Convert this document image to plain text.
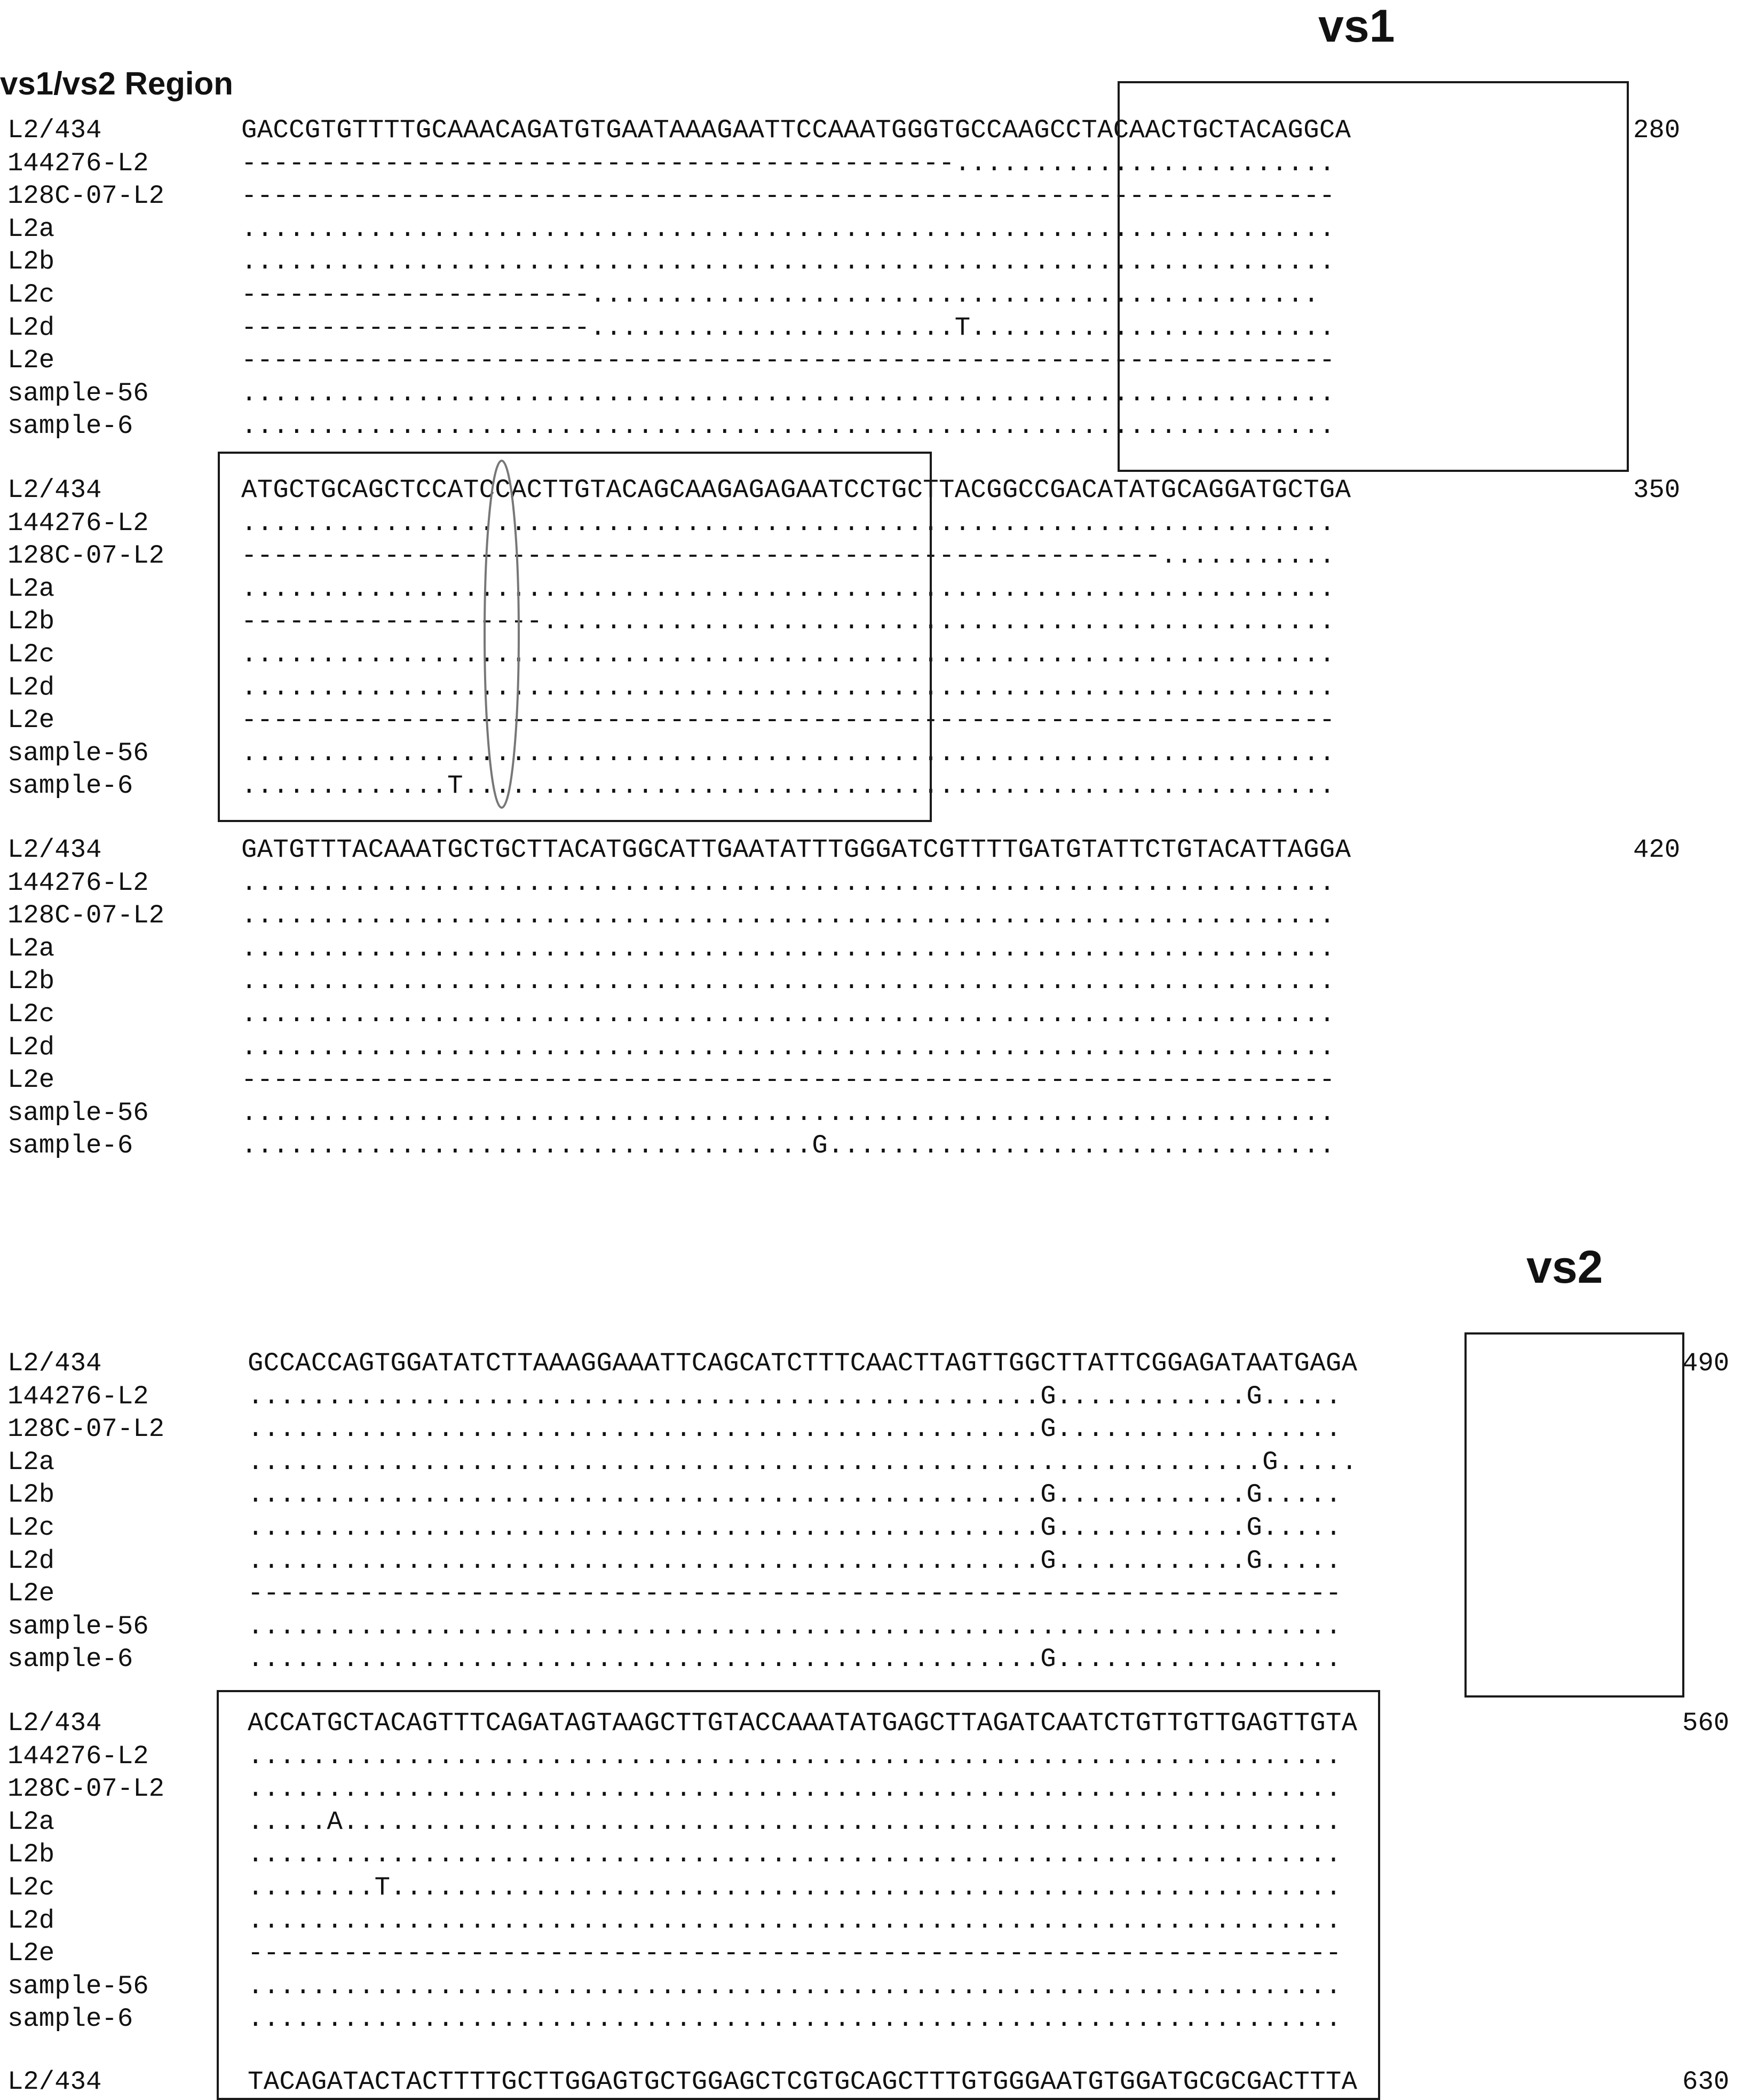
vs1/vs2 Region
vs1
vs2
L2/434	GACCGTGTTTTGCAAACAGATGTGAATAAAGAATTCCAAATGGGTGCCAAGCCTACAACTGCTACAGGCA	280
144276-L2	---------------------------------------------........................
128C-07-L2	---------------------------------------------------------------------
L2a	.....................................................................
L2b	.....................................................................
L2c	----------------------..............................................
L2d	----------------------.......................T.......................
L2e	---------------------------------------------------------------------
sample-56	.....................................................................
sample-6	.....................................................................
L2/434	ATGCTGCAGCTCCATCCACTTGTACAGCAAGAGAGAATCCTGCTTACGGCCGACATATGCAGGATGCTGA	350
144276-L2	.....................................................................
128C-07-L2	----------------------------------------------------------...........
L2a	.....................................................................
L2b	-------------------..................................................
L2c	.....................................................................
L2d	.....................................................................
L2e	---------------------------------------------------------------------
sample-56	.....................................................................
sample-6	.............T.......................................................
L2/434	GATGTTTACAAATGCTGCTTACATGGCATTGAATATTTGGGATCGTTTTGATGTATTCTGTACATTAGGA	420
144276-L2	.....................................................................
128C-07-L2	.....................................................................
L2a	.....................................................................
L2b	.....................................................................
L2c	.....................................................................
L2d	.....................................................................
L2e	---------------------------------------------------------------------
sample-56	.....................................................................
sample-6	....................................G................................
L2/434	GCCACCAGTGGATATCTTAAAGGAAATTCAGCATCTTTCAACTTAGTTGGCTTATTCGGAGATAATGAGA	490
144276-L2	..................................................G............G.....
128C-07-L2	..................................................G..................
L2a	................................................................G.....
L2b	..................................................G............G.....
L2c	..................................................G............G.....
L2d	..................................................G............G.....
L2e	---------------------------------------------------------------------
sample-56	.....................................................................
sample-6	..................................................G..................
L2/434	ACCATGCTACAGTTTCAGATAGTAAGCTTGTACCAAATATGAGCTTAGATCAATCTGTTGTTGAGTTGTA	560
144276-L2	.....................................................................
128C-07-L2	.....................................................................
L2a	.....A...............................................................
L2b	.....................................................................
L2c	........T............................................................
L2d	.....................................................................
L2e	---------------------------------------------------------------------
sample-56	.....................................................................
sample-6	.....................................................................
L2/434	TACAGATACTACTTTTGCTTGGAGTGCTGGAGCTCGTGCAGCTTTGTGGGAATGTGGATGCGCGACTTTA	630
